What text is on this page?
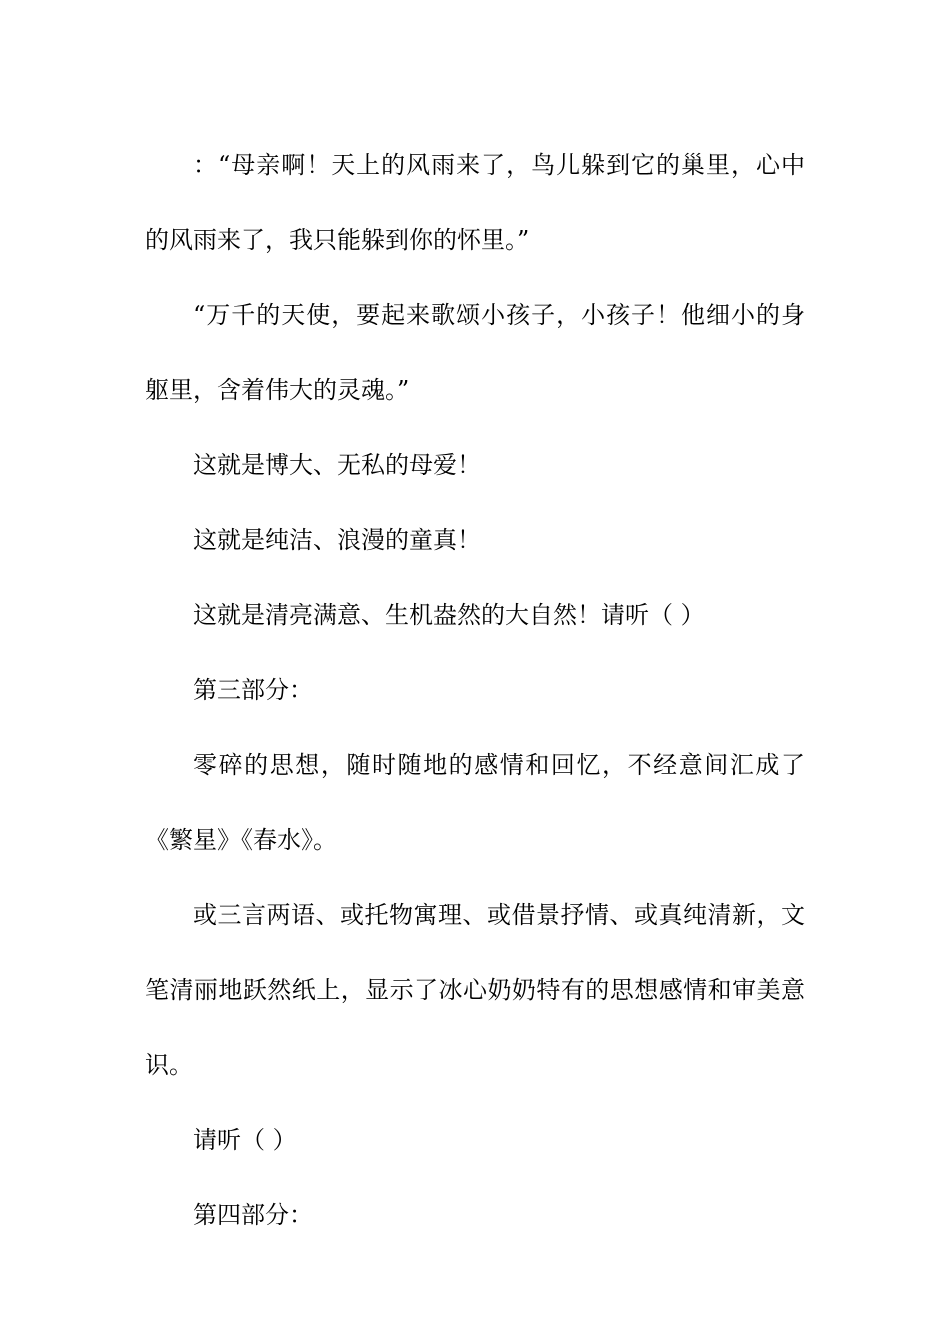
：“母亲啊！天上的风雨来了，鸟儿躲到它的巢里，心中的风雨来了，我只能躲到你的怀里。”

“万千的天使，要起来歌颂小孩子，小孩子！他细小的身躯里，含着伟大的灵魂。”

这就是博大、无私的母爱！

这就是纯洁、浪漫的童真！

这就是清亮满意、生机盎然的大自然！请听（ ）

第三部分：

零碎的思想，随时随地的感情和回忆，不经意间汇成了《繁星》《春水》。

或三言两语、或托物寓理、或借景抒情、或真纯清新，文笔清丽地跃然纸上，显示了冰心奶奶特有的思想感情和审美意识。

请听（ ）

第四部分：
